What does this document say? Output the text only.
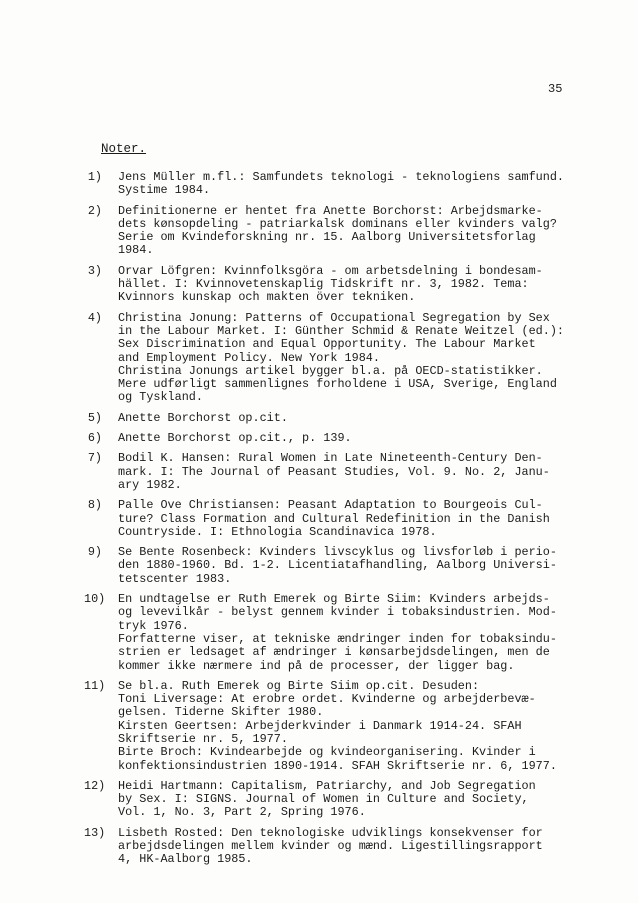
35
Noter.
1) Jens Müller m.fl.: Samfundets teknologi - teknologiens samfund.
Systime 1984.
2) Definitionerne er hentet fra Anette Borchorst: Arbejdsmarke-
dets kønsopdeling - patriarkalsk dominans eller kvinders valg?
Serie om Kvindeforskning nr. 15. Aalborg Universitetsforlag
1984.
3) Orvar Löfgren: Kvinnfolksgöra - om arbetsdelning i bondesam-
hället. I: Kvinnovetenskaplig Tidskrift nr. 3, 1982. Tema:
Kvinnors kunskap och makten över tekniken.
4) Christina Jonung: Patterns of Occupational Segregation by Sex
in the Labour Market. I: Günther Schmid & Renate Weitzel (ed.):
Sex Discrimination and Equal Opportunity. The Labour Market
and Employment Policy. New York 1984.
Christina Jonungs artikel bygger bl.a. på OECD-statistikker.
Mere udførligt sammenlignes forholdene i USA, Sverige, England
og Tyskland.
5) Anette Borchorst op.cit.
6) Anette Borchorst op.cit., p. 139.
7) Bodil K. Hansen: Rural Women in Late Nineteenth-Century Den-
mark. I: The Journal of Peasant Studies, Vol. 9. No. 2, Janu-
ary 1982.
8) Palle Ove Christiansen: Peasant Adaptation to Bourgeois Cul-
ture? Class Formation and Cultural Redefinition in the Danish
Countryside. I: Ethnologia Scandinavica 1978.
9) Se Bente Rosenbeck: Kvinders livscyklus og livsforløb i perio-
den 1880-1960. Bd. 1-2. Licentiatafhandling, Aalborg Universi-
tetscenter 1983.
10) En undtagelse er Ruth Emerek og Birte Siim: Kvinders arbejds-
og levevilkår - belyst gennem kvinder i tobaksindustrien. Mod-
tryk 1976.
Forfatterne viser, at tekniske ændringer inden for tobaksindu-
strien er ledsaget af ændringer i kønsarbejdsdelingen, men de
kommer ikke nærmere ind på de processer, der ligger bag.
11) Se bl.a. Ruth Emerek og Birte Siim op.cit. Desuden:
Toni Liversage: At erobre ordet. Kvinderne og arbejderbevæ-
gelsen. Tiderne Skifter 1980.
Kirsten Geertsen: Arbejderkvinder i Danmark 1914-24. SFAH
Skriftserie nr. 5, 1977.
Birte Broch: Kvindearbejde og kvindeorganisering. Kvinder i
konfektionsindustrien 1890-1914. SFAH Skriftserie nr. 6, 1977.
12) Heidi Hartmann: Capitalism, Patriarchy, and Job Segregation
by Sex. I: SIGNS. Journal of Women in Culture and Society,
Vol. 1, No. 3, Part 2, Spring 1976.
13) Lisbeth Rosted: Den teknologiske udviklings konsekvenser for
arbejdsdelingen mellem kvinder og mænd. Ligestillingsrapport
4, HK-Aalborg 1985.
